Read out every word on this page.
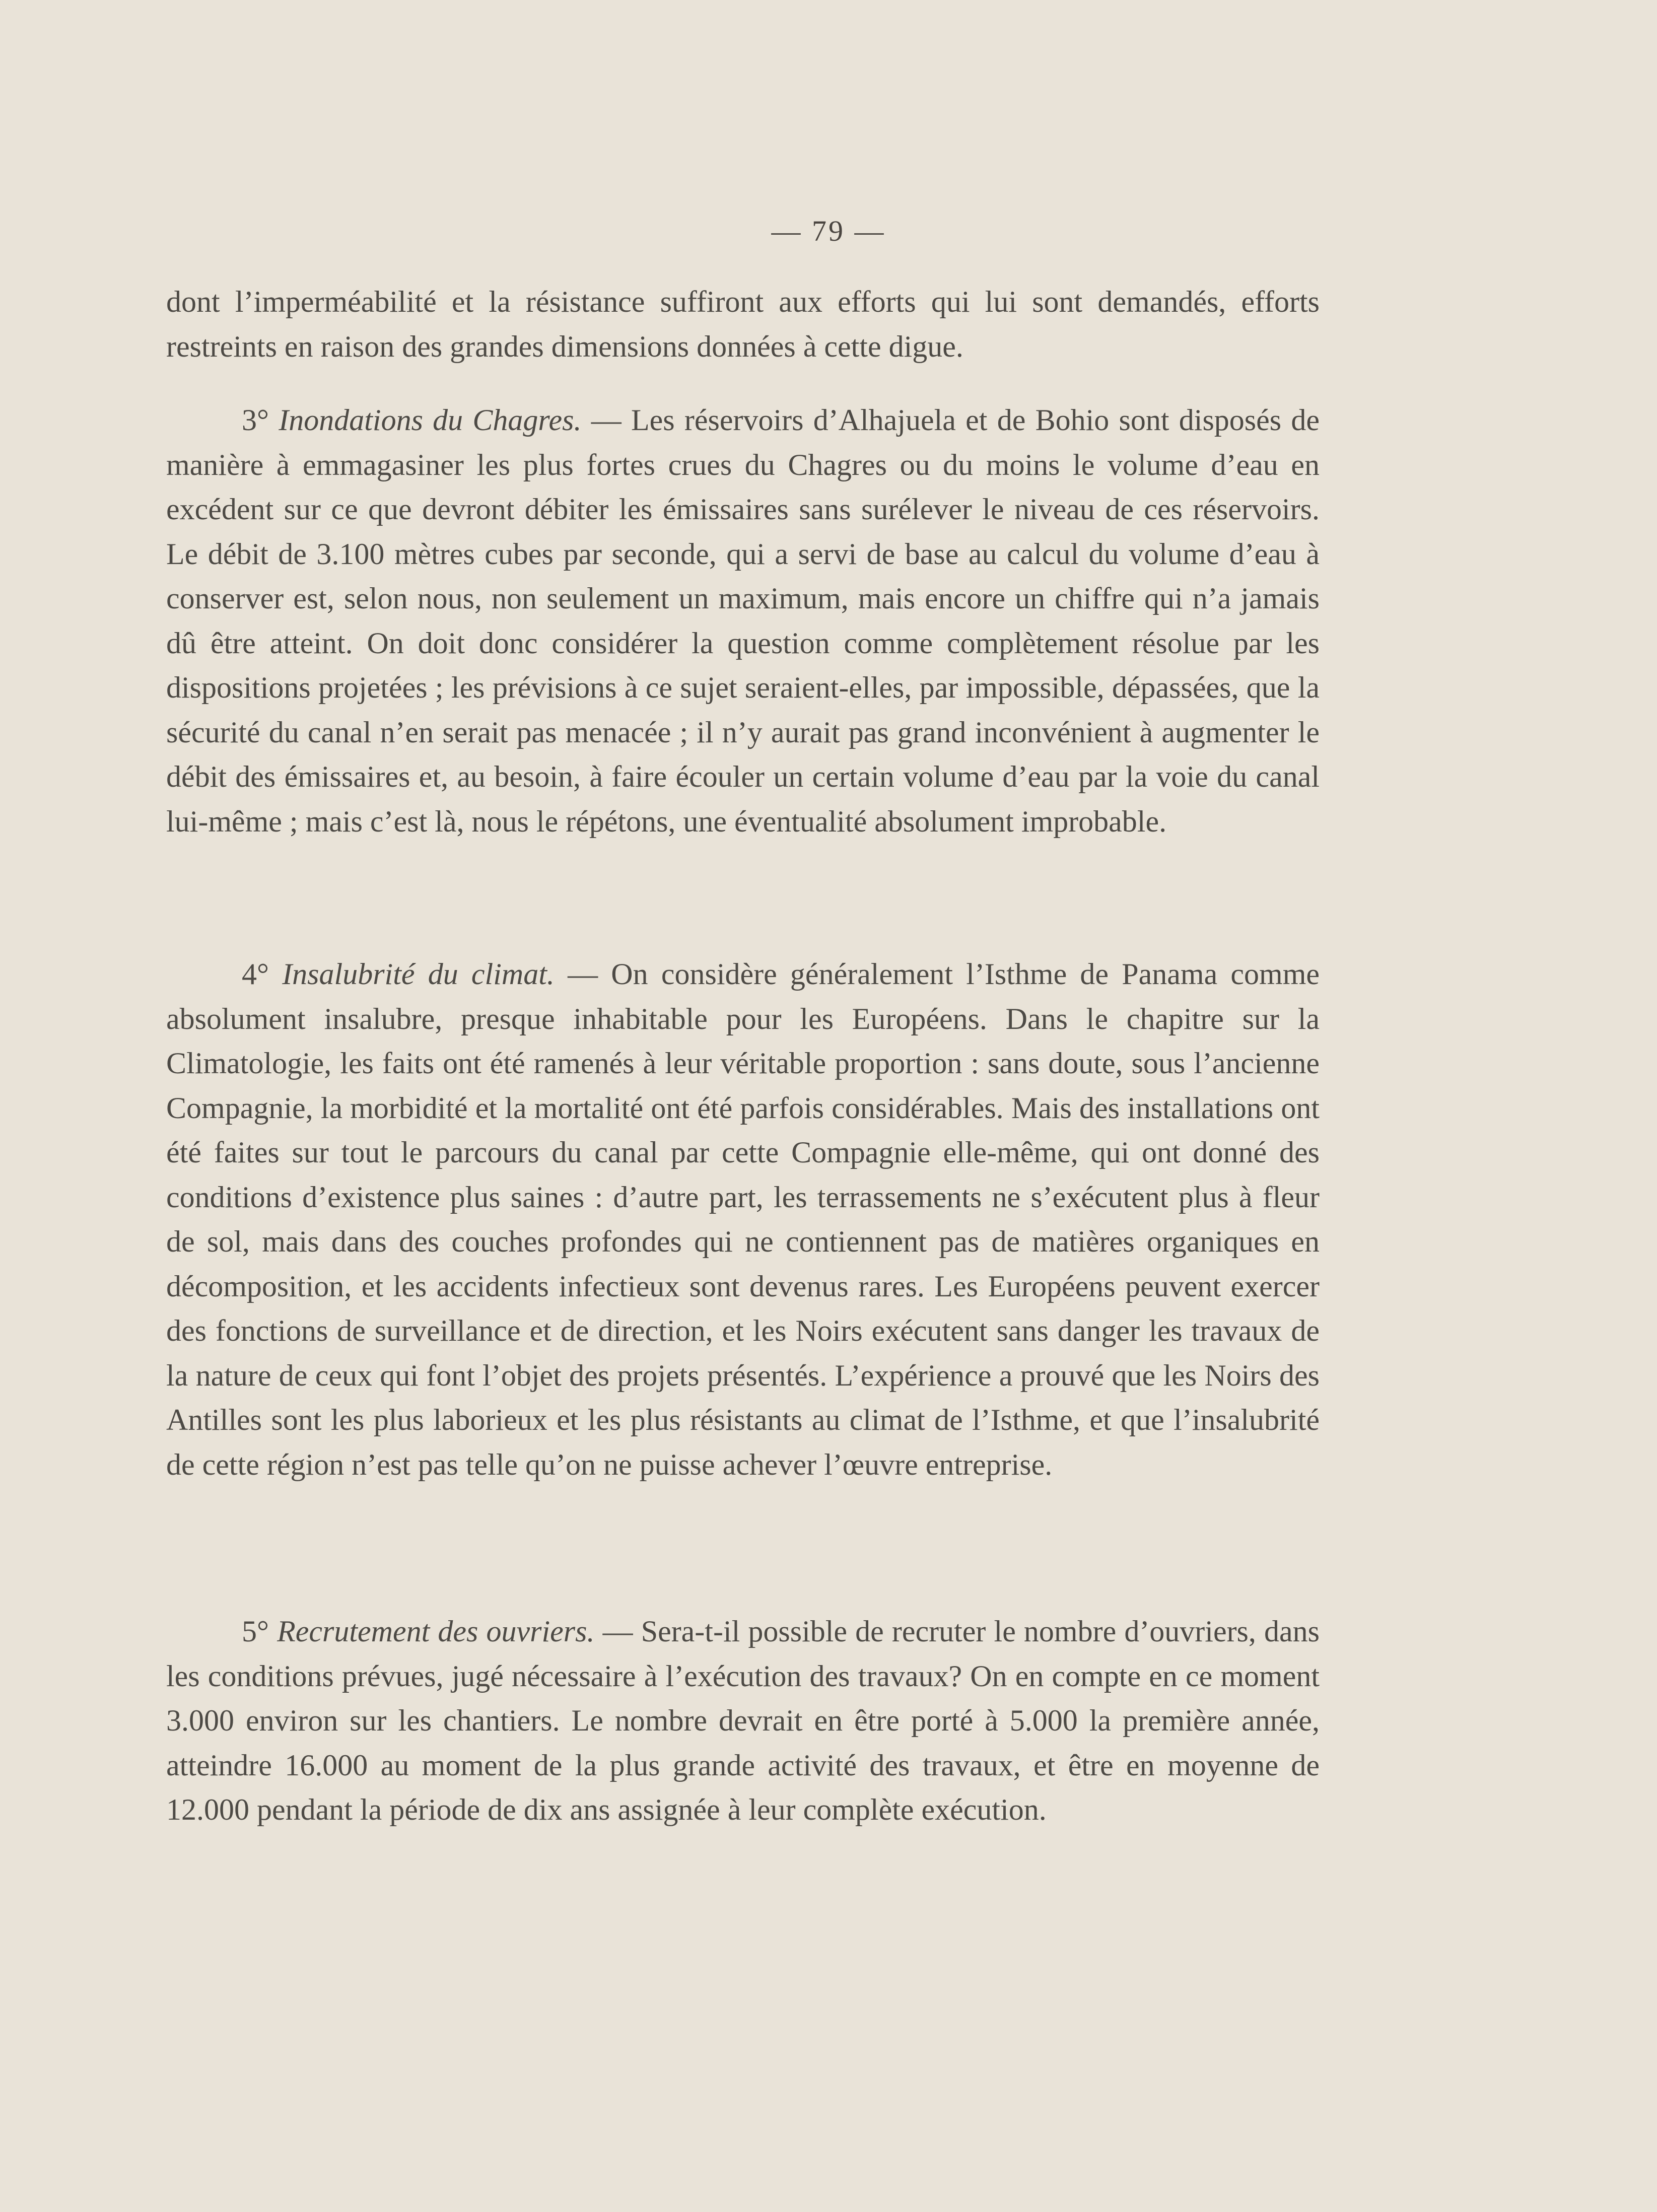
— 79 —

dont l’imperméabilité et la résistance suffiront aux efforts qui lui sont demandés, efforts restreints en raison des grandes dimensions données à cette digue.

3° Inondations du Chagres. — Les réservoirs d’Alhajuela et de Bohio sont disposés de manière à emmagasiner les plus fortes crues du Chagres ou du moins le volume d’eau en excédent sur ce que devront débiter les émissaires sans surélever le niveau de ces réservoirs. Le débit de 3.100 mètres cubes par seconde, qui a servi de base au calcul du volume d’eau à conserver est, selon nous, non seulement un maximum, mais encore un chiffre qui n’a jamais dû être atteint. On doit donc considérer la question comme complètement résolue par les dispositions projetées ; les prévisions à ce sujet seraient-elles, par impossible, dépassées, que la sécurité du canal n’en serait pas menacée ; il n’y aurait pas grand inconvénient à augmenter le débit des émissaires et, au besoin, à faire écouler un certain volume d’eau par la voie du canal lui-même ; mais c’est là, nous le répétons, une éventualité absolument improbable.

4° Insalubrité du climat. — On considère généralement l’Isthme de Panama comme absolument insalubre, presque inhabitable pour les Européens. Dans le chapitre sur la Climatologie, les faits ont été ramenés à leur véritable proportion : sans doute, sous l’ancienne Compagnie, la morbidité et la mortalité ont été parfois considérables. Mais des installations ont été faites sur tout le parcours du canal par cette Compagnie elle-même, qui ont donné des conditions d’existence plus saines : d’autre part, les terrassements ne s’exécutent plus à fleur de sol, mais dans des couches profondes qui ne contiennent pas de matières organiques en décomposition, et les accidents infectieux sont devenus rares. Les Européens peuvent exercer des fonctions de surveillance et de direction, et les Noirs exécutent sans danger les travaux de la nature de ceux qui font l’objet des projets présentés. L’expérience a prouvé que les Noirs des Antilles sont les plus laborieux et les plus résistants au climat de l’Isthme, et que l’insalubrité de cette région n’est pas telle qu’on ne puisse achever l’œuvre entreprise.

5° Recrutement des ouvriers. — Sera-t-il possible de recruter le nombre d’ouvriers, dans les conditions prévues, jugé nécessaire à l’exécution des travaux? On en compte en ce moment 3.000 environ sur les chantiers. Le nombre devrait en être porté à 5.000 la première année, atteindre 16.000 au moment de la plus grande activité des travaux, et être en moyenne de 12.000 pendant la période de dix ans assignée à leur complète exécution.
